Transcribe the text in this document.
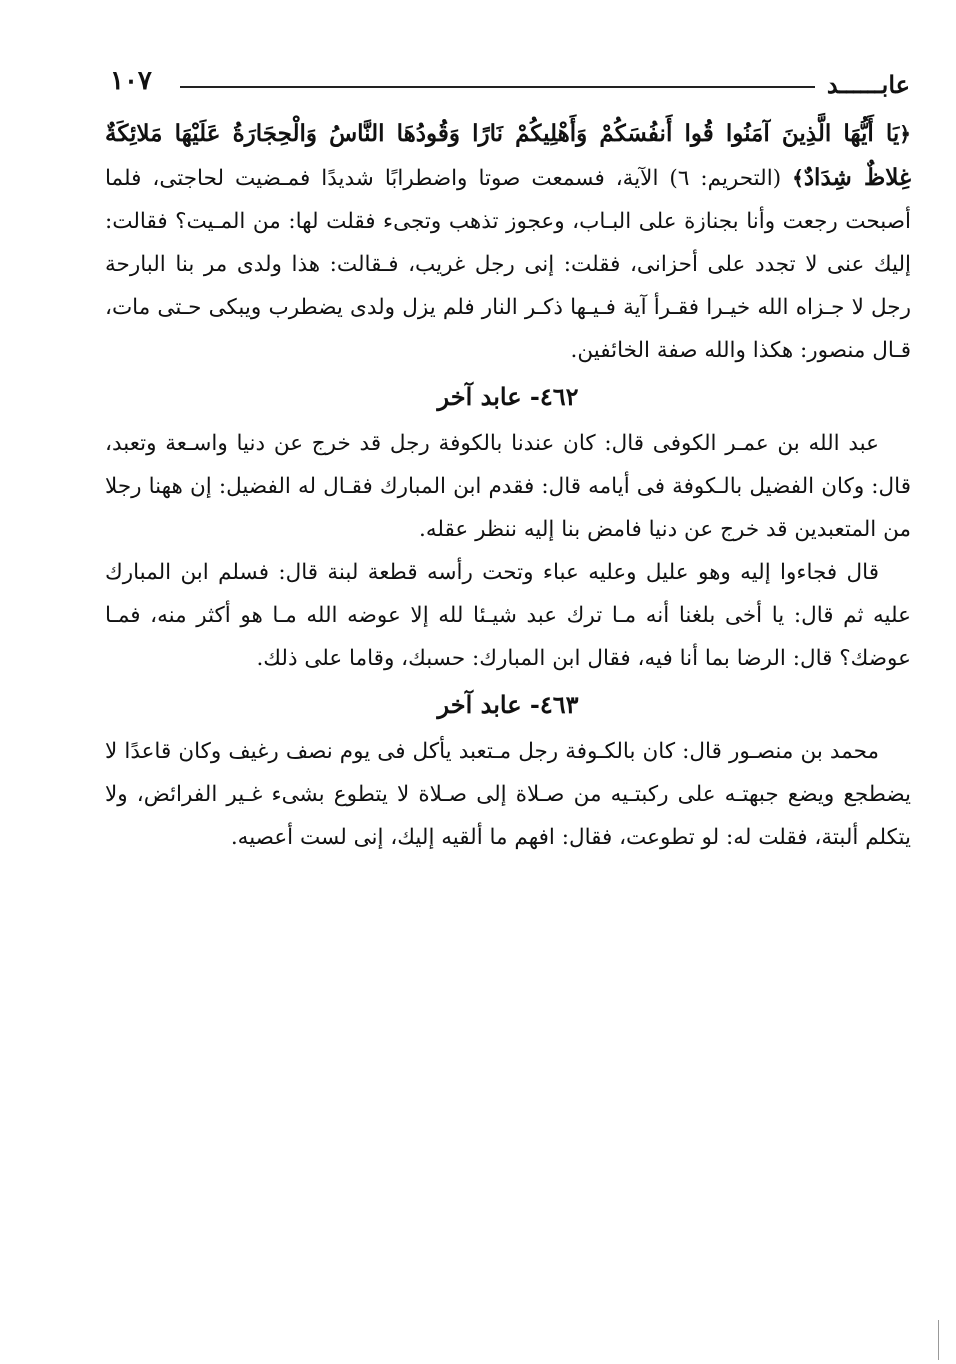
عابــــــد
١٠٧

﴿يَا أَيُّهَا الَّذِينَ آمَنُوا قُوا أَنفُسَكُمْ وَأَهْلِيكُمْ نَارًا وَقُودُهَا النَّاسُ وَالْحِجَارَةُ عَلَيْهَا مَلائِكَةٌ غِلاظٌ شِدَادٌ﴾ (التحريم: ٦) الآية، فسمعت صوتا واضطرابًا شديدًا فمـضيت لحاجتى، فلما أصبحت رجعت وأنا بجنازة على البـاب، وعجوز تذهب وتجىء فقلت لها: من المـيت؟ فقالت: إليك عنى لا تجدد على أحزانى، فقلت: إنى رجل غريب، فـقالت: هذا ولدى مر بنا البارحة رجل لا جـزاه الله خيـرا فقـرأ آية فـيـها ذكـر النار فلم يزل ولدى يضطرب ويبكى حـتى مات، قـال منصور: هكذا والله صفة الخائفين.

٤٦٢- عابد آخر

عبد الله بن عمـر الكوفى قال: كان عندنا بالكوفة رجل قد خرج عن دنيا واسـعة وتعبد، قال: وكان الفضيل بالـكوفة فى أيامه قال: فقدم ابن المبارك فقـال له الفضيل: إن ههنا رجلا من المتعبدين قد خرج عن دنيا فامض بنا إليه ننظر عقله.

قال فجاءوا إليه وهو عليل وعليه عباء وتحت رأسه قطعة لبنة قال: فسلم ابن المبارك عليه ثم قال: يا أخى بلغنا أنه مـا ترك عبد شيـئا لله إلا عوضه الله مـا هو أكثر منه، فمـا عوضك؟ قال: الرضا بما أنا فيه، فقال ابن المبارك: حسبك، وقاما على ذلك.

٤٦٣- عابد آخر

محمد بن منصـور قال: كان بالكـوفة رجل مـتعبد يأكل فى يوم نصف رغيف وكان قاعدًا لا يضطجع ويضع جبهتـه على ركبتـيه من صـلاة إلى صـلاة لا يتطوع بشىء غـير الفرائض، ولا يتكلم ألبتة، فقلت له: لو تطوعت، فقال: افهم ما ألقيه إليك، إنى لست أعصيه.
